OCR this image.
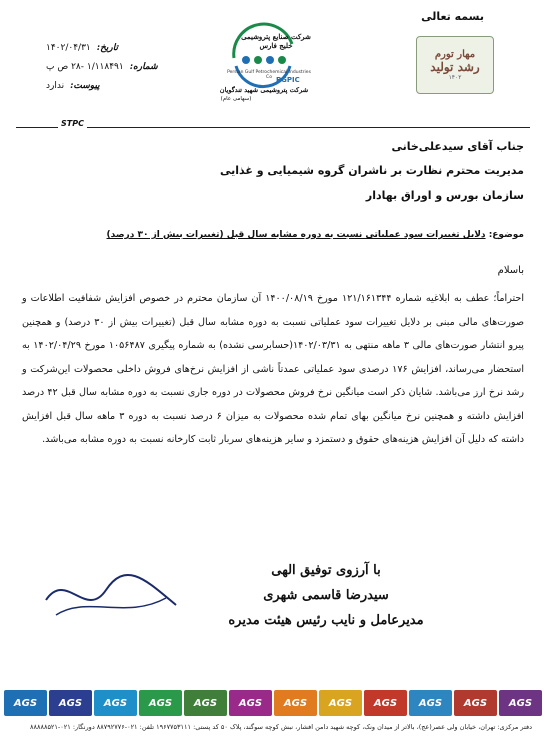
بسمه تعالی
مهار تورم
رشد تولید
۱۴۰۲
شرکت صنایع پتروشیمی خلیج فارس
Persian Gulf Petrochemical Industries Co PGPIC
شرکت پتروشیمی شهید تندگویان
(سهامی عام)
تاریخ:
۱۴۰۲/۰۴/۳۱
شماره:
۱/۱۱۸۴۹۱ -۲۸ ص پ
پیوست:
ندارد
STPC
جناب آقای سیدعلی‌خانی
مدیریت محترم نظارت بر ناشران گروه شیمیایی و غذایی
سازمان بورس و اوراق بهادار
موضوع: دلایل تغییرات سود عملیاتی نسبت به دوره مشابه سال قبل (تغییرات بیش از ۳۰ درصد)
باسلام
احتراماً؛ عطف به ابلاغیه شماره ۱۲۱/۱۶۱۳۴۴ مورخ ۱۴۰۰/۰۸/۱۹ آن سازمان محترم در خصوص افزایش شفافیت اطلاعات و صورت‌های مالی مبنی بر دلایل تغییرات سود عملیاتی نسبت به دوره مشابه سال قبل (تغییرات بیش از ۳۰ درصد) و همچنین پیرو انتشار صورت‌های مالی ۳ ماهه منتهی به ۱۴۰۲/۰۳/۳۱(حسابرسی نشده) به شماره پیگیری ۱۰۵۶۴۸۷ مورخ ۱۴۰۲/۰۴/۲۹ به استحضار می‌رساند، افزایش ۱۷۶ درصدی سود عملیاتی عمدتاً ناشی از افزایش نرخ‌های فروش داخلی محصولات این‌شرکت و رشد نرخ ارز می‌باشد. شایان ذکر است میانگین نرخ فروش محصولات در دوره جاری نسبت به دوره مشابه سال قبل ۴۲ درصد افزایش داشته و همچنین نرخ میانگین بهای تمام شده محصولات به میزان ۶ درصد نسبت به دوره ۳ ماهه سال قبل افزایش داشته که دلیل آن افزایش هزینه‌های حقوق و دستمزد و سایر هزینه‌های سربار ثابت کارخانه نسبت به دوره مشابه می‌باشد.
با آرزوی توفیق الهی
سیدرضا قاسمی شهری
مدیرعامل و نایب رئیس هیئت مدیره
AGS	AGS	AGS	AGS	AGS	AGS	AGS	AGS	AGS	AGS	AGS	AGS
دفتر مرکزی: تهران، خیابان ولی عصر(عج)، بالاتر از میدان ونک، کوچه شهید دامن افشار، نبش کوچه سوگند، پلاک ۵۰ کد پستی: ۱۹۶۷۷۵۳۱۱۱ تلفن: ۰۲۱-۸۸۷۹۲۷۷۶ دورنگار: ۰۲۱-۸۸۸۸۸۵۲۱
